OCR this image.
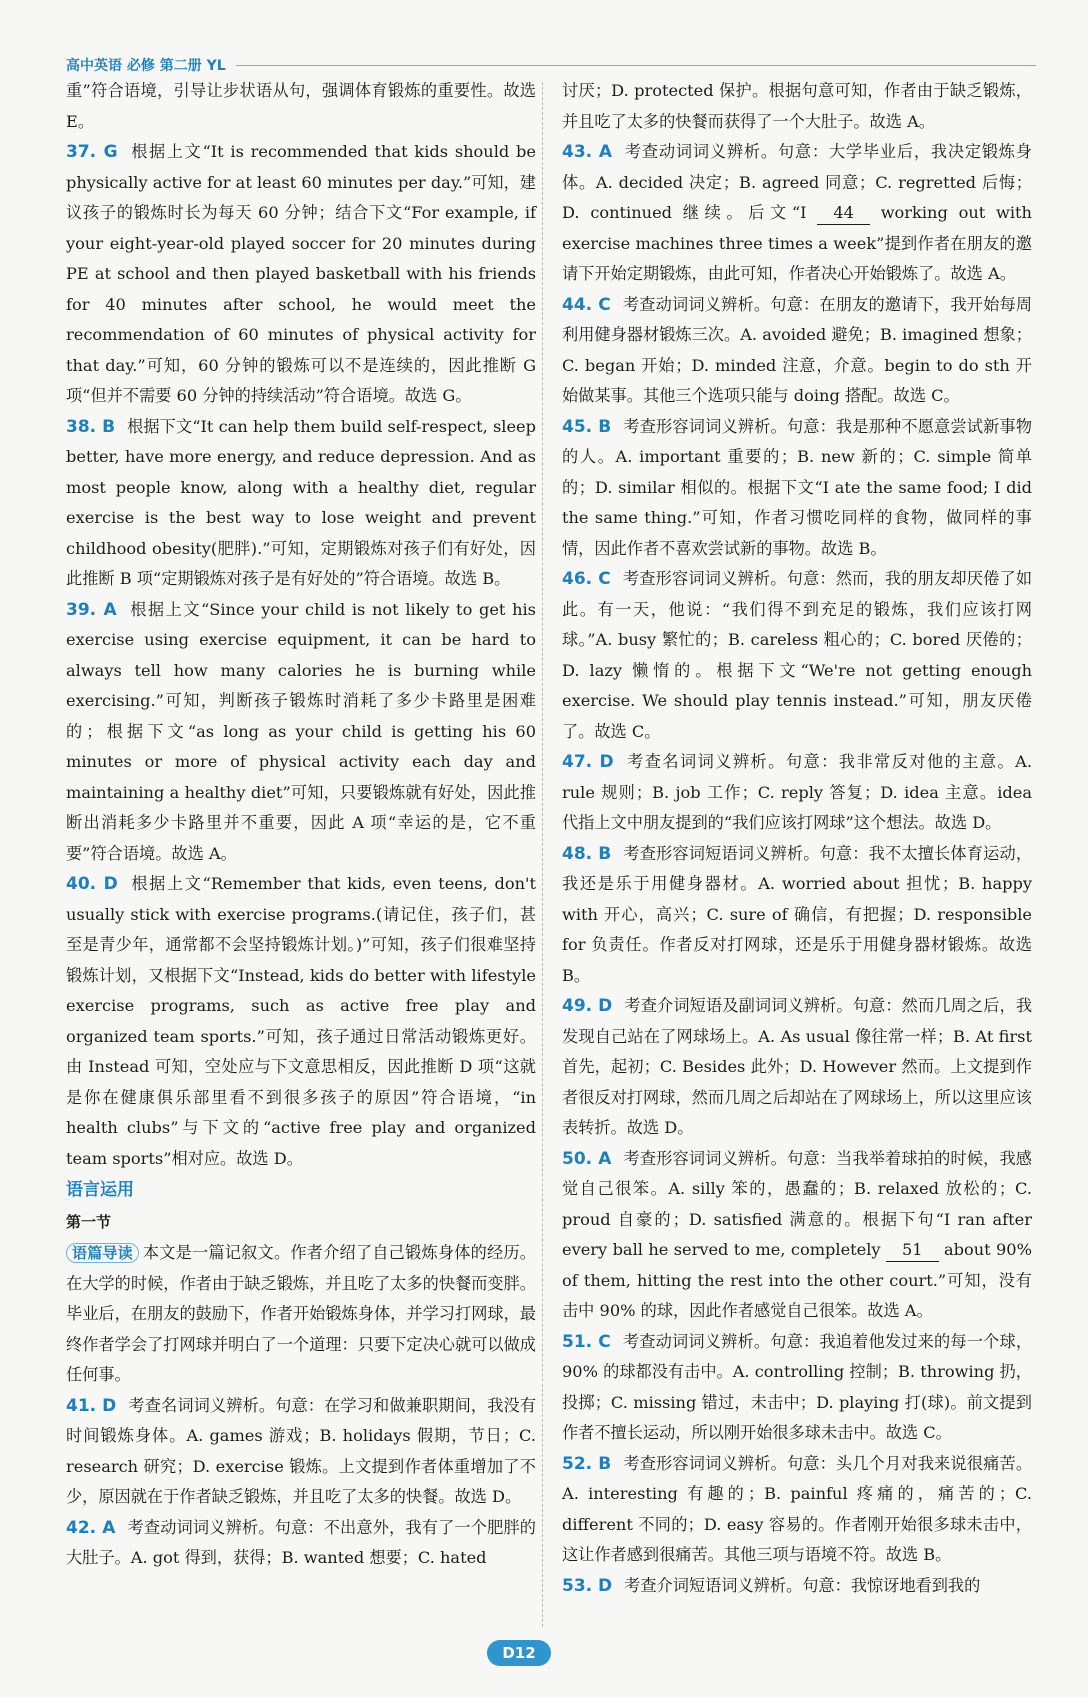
高中英语 必修 第二册 YL

重”符合语境，引导让步状语从句，强调体育锻炼的重要性。故选 E。

37. G 根据上文“It is recommended that kids should be physically active for at least 60 minutes per day.”可知，建议孩子的锻炼时长为每天 60 分钟；结合下文“For example, if your eight-year-old played soccer for 20 minutes during PE at school and then played basketball with his friends for 40 minutes after school, he would meet the recommendation of 60 minutes of physical activity for that day.”可知，60 分钟的锻炼可以不是连续的，因此推断 G 项“但并不需要 60 分钟的持续活动”符合语境。故选 G。

38. B 根据下文“It can help them build self-respect, sleep better, have more energy, and reduce depression. And as most people know, along with a healthy diet, regular exercise is the best way to lose weight and prevent childhood obesity(肥胖).”可知，定期锻炼对孩子们有好处，因此推断 B 项“定期锻炼对孩子是有好处的”符合语境。故选 B。

39. A 根据上文“Since your child is not likely to get his exercise using exercise equipment, it can be hard to always tell how many calories he is burning while exercising.”可知，判断孩子锻炼时消耗了多少卡路里是困难的；根据下文“as long as your child is getting his 60 minutes or more of physical activity each day and maintaining a healthy diet”可知，只要锻炼就有好处，因此推断出消耗多少卡路里并不重要，因此 A 项“幸运的是，它不重要”符合语境。故选 A。

40. D 根据上文“Remember that kids, even teens, don't usually stick with exercise programs.(请记住，孩子们，甚至是青少年，通常都不会坚持锻炼计划。)”可知，孩子们很难坚持锻炼计划，又根据下文“Instead, kids do better with lifestyle exercise programs, such as active free play and organized team sports.”可知，孩子通过日常活动锻炼更好。由 Instead 可知，空处应与下文意思相反，因此推断 D 项“这就是你在健康俱乐部里看不到很多孩子的原因”符合语境，“in health clubs”与下文的“active free play and organized team sports”相对应。故选 D。

语言运用
第一节

语篇导读 本文是一篇记叙文。作者介绍了自己锻炼身体的经历。在大学的时候，作者由于缺乏锻炼，并且吃了太多的快餐而变胖。毕业后，在朋友的鼓励下，作者开始锻炼身体，并学习打网球，最终作者学会了打网球并明白了一个道理：只要下定决心就可以做成任何事。

41. D 考查名词词义辨析。句意：在学习和做兼职期间，我没有时间锻炼身体。A. games 游戏；B. holidays 假期，节日；C. research 研究；D. exercise 锻炼。上文提到作者体重增加了不少，原因就在于作者缺乏锻炼，并且吃了太多的快餐。故选 D。

42. A 考查动词词义辨析。句意：不出意外，我有了一个肥胖的大肚子。A. got 得到，获得；B. wanted 想要；C. hated

讨厌；D. protected 保护。根据句意可知，作者由于缺乏锻炼，并且吃了太多的快餐而获得了一个大肚子。故选 A。

43. A 考查动词词义辨析。句意：大学毕业后，我决定锻炼身体。A. decided 决定；B. agreed 同意；C. regretted 后悔；D. continued 继续。后文“I 44 working out with exercise machines three times a week”提到作者在朋友的邀请下开始定期锻炼，由此可知，作者决心开始锻炼了。故选 A。

44. C 考查动词词义辨析。句意：在朋友的邀请下，我开始每周利用健身器材锻炼三次。A. avoided 避免；B. imagined 想象；C. began 开始；D. minded 注意，介意。begin to do sth 开始做某事。其他三个选项只能与 doing 搭配。故选 C。

45. B 考查形容词词义辨析。句意：我是那种不愿意尝试新事物的人。A. important 重要的；B. new 新的；C. simple 简单的；D. similar 相似的。根据下文“I ate the same food; I did the same thing.”可知，作者习惯吃同样的食物，做同样的事情，因此作者不喜欢尝试新的事物。故选 B。

46. C 考查形容词词义辨析。句意：然而，我的朋友却厌倦了如此。有一天，他说：“我们得不到充足的锻炼，我们应该打网球。”A. busy 繁忙的；B. careless 粗心的；C. bored 厌倦的；D. lazy 懒惰的。根据下文“We're not getting enough exercise. We should play tennis instead.”可知，朋友厌倦了。故选 C。

47. D 考查名词词义辨析。句意：我非常反对他的主意。A. rule 规则；B. job 工作；C. reply 答复；D. idea 主意。idea 代指上文中朋友提到的“我们应该打网球”这个想法。故选 D。

48. B 考查形容词短语词义辨析。句意：我不太擅长体育运动，我还是乐于用健身器材。A. worried about 担忧；B. happy with 开心，高兴；C. sure of 确信，有把握；D. responsible for 负责任。作者反对打网球，还是乐于用健身器材锻炼。故选 B。

49. D 考查介词短语及副词词义辨析。句意：然而几周之后，我发现自己站在了网球场上。A. As usual 像往常一样；B. At first 首先，起初；C. Besides 此外；D. However 然而。上文提到作者很反对打网球，然而几周之后却站在了网球场上，所以这里应该表转折。故选 D。

50. A 考查形容词词义辨析。句意：当我举着球拍的时候，我感觉自己很笨。A. silly 笨的，愚蠢的；B. relaxed 放松的；C. proud 自豪的；D. satisfied 满意的。根据下句“I ran after every ball he served to me, completely 51 about 90% of them, hitting the rest into the other court.”可知，没有击中 90% 的球，因此作者感觉自己很笨。故选 A。

51. C 考查动词词义辨析。句意：我追着他发过来的每一个球，90% 的球都没有击中。A. controlling 控制；B. throwing 扔，投掷；C. missing 错过，未击中；D. playing 打(球)。前文提到作者不擅长运动，所以刚开始很多球未击中。故选 C。

52. B 考查形容词词义辨析。句意：头几个月对我来说很痛苦。A. interesting 有趣的；B. painful 疼痛的，痛苦的；C. different 不同的；D. easy 容易的。作者刚开始很多球未击中，这让作者感到很痛苦。其他三项与语境不符。故选 B。

53. D 考查介词短语词义辨析。句意：我惊讶地看到我的

D12
